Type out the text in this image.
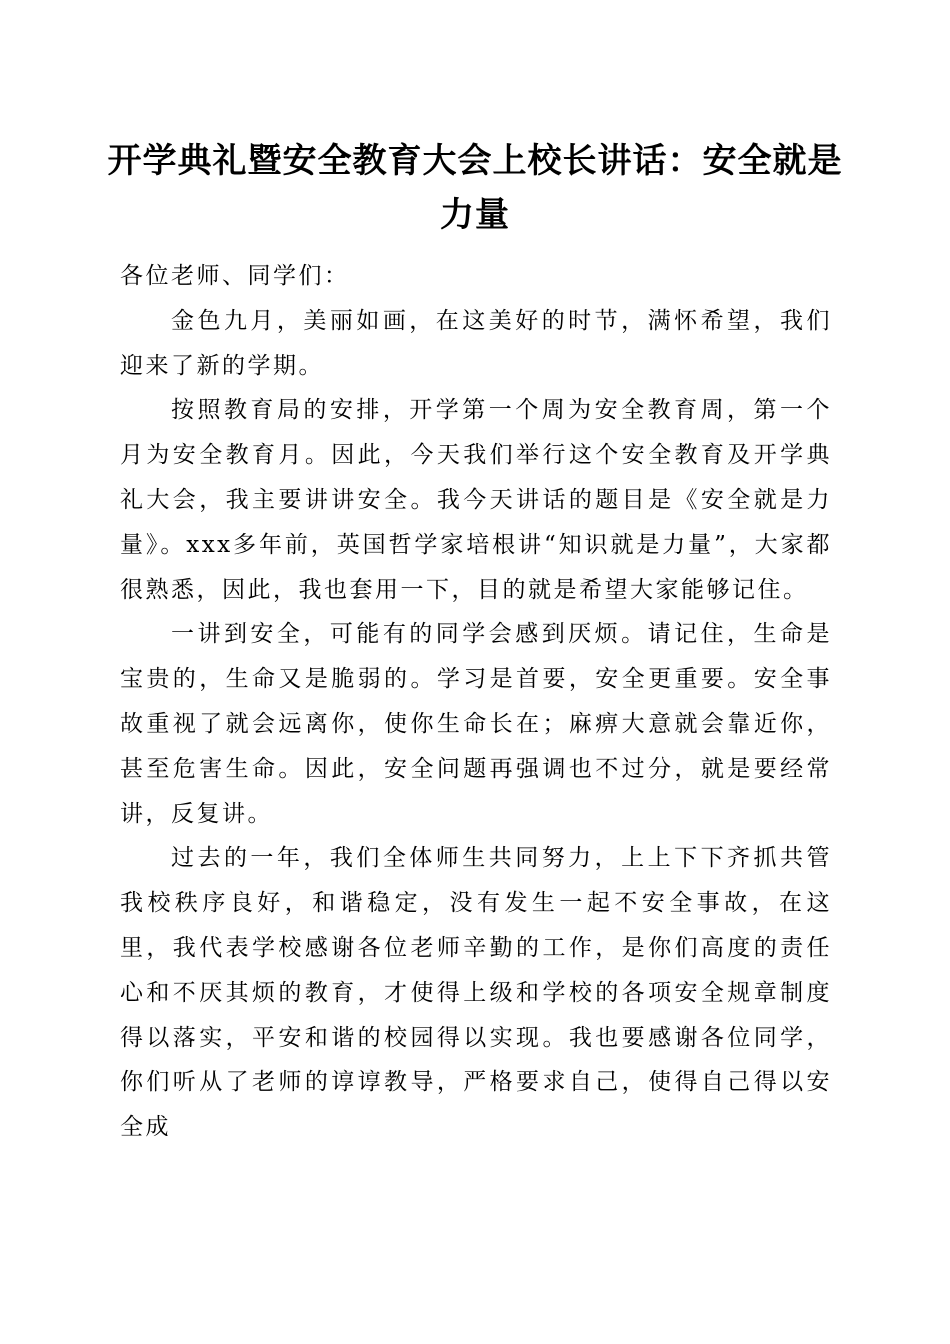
开学典礼暨安全教育大会上校长讲话：安全就是力量

各位老师、同学们：

金色九月，美丽如画，在这美好的时节，满怀希望，我们迎来了新的学期。

按照教育局的安排，开学第一个周为安全教育周，第一个月为安全教育月。因此，今天我们举行这个安全教育及开学典礼大会，我主要讲讲安全。我今天讲话的题目是《安全就是力量》。xxx多年前，英国哲学家培根讲“知识就是力量”，大家都很熟悉，因此，我也套用一下，目的就是希望大家能够记住。

一讲到安全，可能有的同学会感到厌烦。请记住，生命是宝贵的，生命又是脆弱的。学习是首要，安全更重要。安全事故重视了就会远离你，使你生命长在；麻痹大意就会靠近你，甚至危害生命。因此，安全问题再强调也不过分，就是要经常讲，反复讲。

过去的一年，我们全体师生共同努力，上上下下齐抓共管我校秩序良好，和谐稳定，没有发生一起不安全事故，在这里，我代表学校感谢各位老师辛勤的工作，是你们高度的责任心和不厌其烦的教育，才使得上级和学校的各项安全规章制度得以落实，平安和谐的校园得以实现。我也要感谢各位同学，你们听从了老师的谆谆教导，严格要求自己，使得自己得以安全成
